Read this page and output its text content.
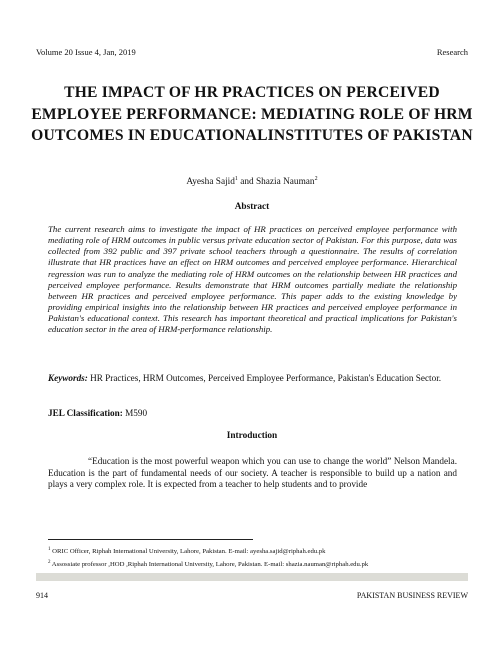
Volume 20 Issue 4, Jan, 2019	Research
THE IMPACT OF HR PRACTICES ON PERCEIVED EMPLOYEE PERFORMANCE: MEDIATING ROLE OF HRM OUTCOMES IN EDUCATIONALINSTITUTES OF PAKISTAN
Ayesha Sajid$^1$ and Shazia Nauman$^2$
Abstract
The current research aims to investigate the impact of HR practices on perceived employee performance with mediating role of HRM outcomes in public versus private education sector of Pakistan. For this purpose, data was collected from 392 public and 397 private school teachers through a questionnaire. The results of correlation illustrate that HR practices have an effect on HRM outcomes and perceived employee performance. Hierarchical regression was run to analyze the mediating role of HRM outcomes on the relationship between HR practices and perceived employee performance. Results demonstrate that HRM outcomes partially mediate the relationship between HR practices and perceived employee performance. This paper adds to the existing knowledge by providing empirical insights into the relationship between HR practices and perceived employee performance in Pakistan's educational context. This research has important theoretical and practical implications for Pakistan's education sector in the area of HRM-performance relationship.
Keywords: HR Practices, HRM Outcomes, Perceived Employee Performance, Pakistan's Education Sector.
JEL Classification: M590
Introduction
“Education is the most powerful weapon which you can use to change the world” Nelson Mandela. Education is the part of fundamental needs of our society. A teacher is responsible to build up a nation and plays a very complex role. It is expected from a teacher to help students and to provide
$^1$ ORIC Officer, Riphah International University, Lahore, Pakistan. E-mail: ayesha.sajid@riphah.edu.pk
$^2$ Assossiate professor ,HOD ,Riphah International University, Lahore, Pakistan. E-mail: shazia.nauman@riphah.edu.pk
914	PAKISTAN BUSINESS REVIEW
